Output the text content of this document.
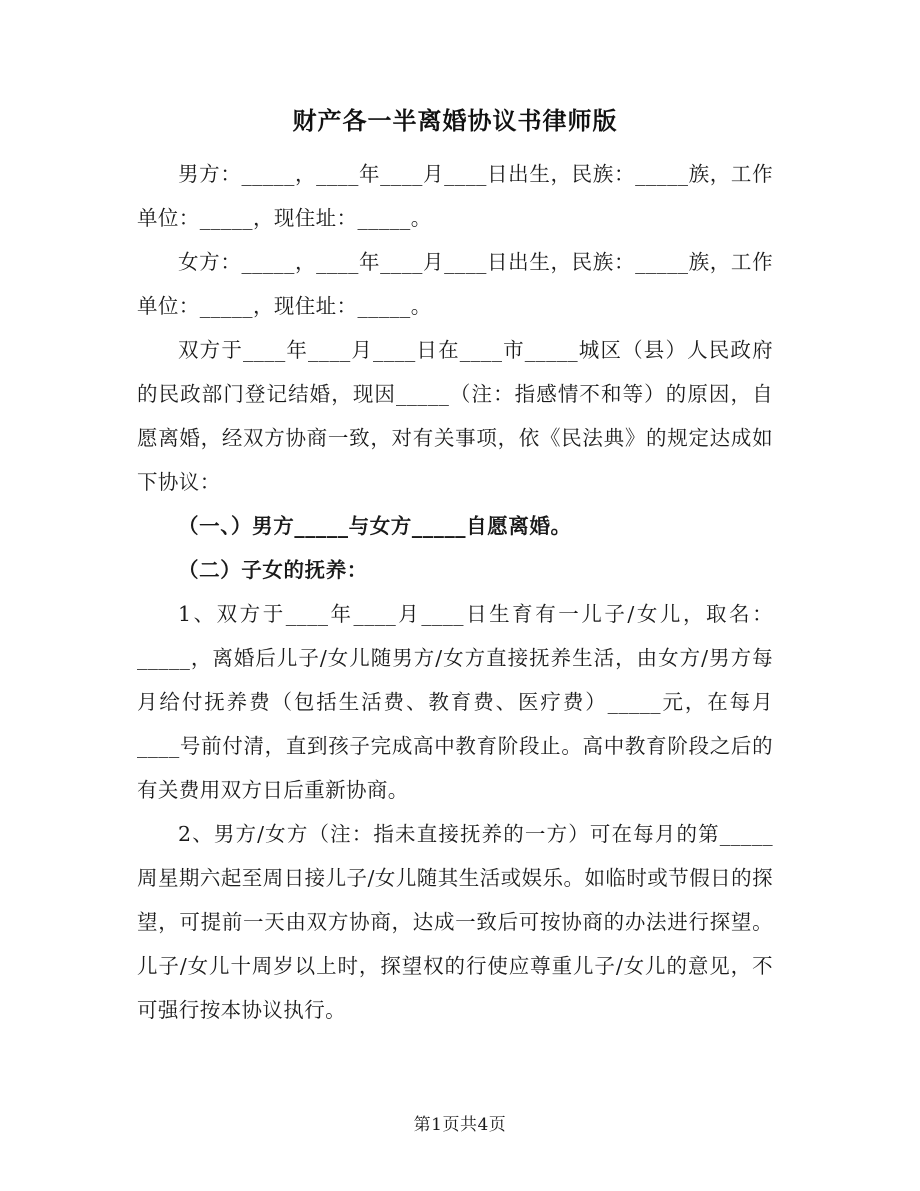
财产各一半离婚协议书律师版

男方：_____，____年____月____日出生，民族：_____族，工作单位：_____，现住址：_____。

女方：_____，____年____月____日出生，民族：_____族，工作单位：_____，现住址：_____。

双方于____年____月____日在____市_____城区（县）人民政府的民政部门登记结婚，现因_____（注：指感情不和等）的原因，自愿离婚，经双方协商一致，对有关事项，依《民法典》的规定达成如下协议：

（一、）男方_____与女方_____自愿离婚。

（二）子女的抚养：

1、双方于____年____月____日生育有一儿子/女儿，取名：_____，离婚后儿子/女儿随男方/女方直接抚养生活，由女方/男方每月给付抚养费（包括生活费、教育费、医疗费）_____元，在每月____号前付清，直到孩子完成高中教育阶段止。高中教育阶段之后的有关费用双方日后重新协商。

2、男方/女方（注：指未直接抚养的一方）可在每月的第_____周星期六起至周日接儿子/女儿随其生活或娱乐。如临时或节假日的探望，可提前一天由双方协商，达成一致后可按协商的办法进行探望。儿子/女儿十周岁以上时，探望权的行使应尊重儿子/女儿的意见，不可强行按本协议执行。

第1页共4页
